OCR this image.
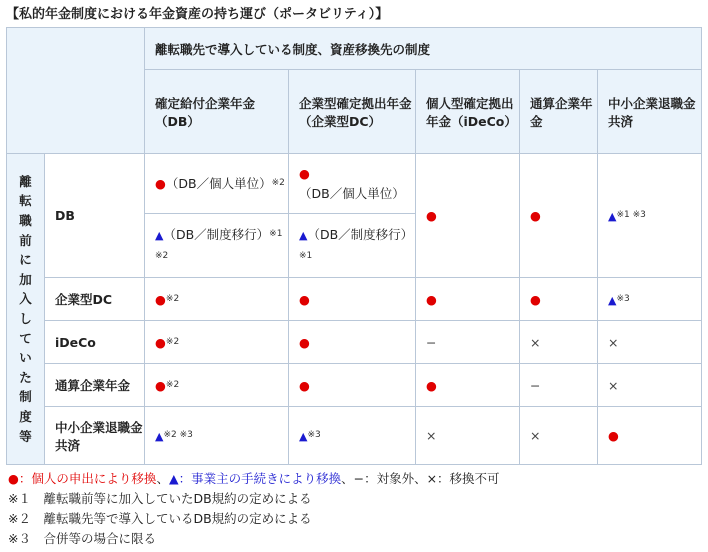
【私的年金制度における年金資産の持ち運び（ポータビリティ）】
		離転職先で導入している制度、資産移換先の制度				
		確定給付企業年金（DB）	企業型確定拠出年金（企業型DC）	個人型確定拠出年金（iDeCo）	通算企業年金	中小企業退職金共済

離転職前に加入していた制度等	DB	●（DB／個人単位）$^{※2}$	●（DB／個人単位）	●	●	▲$^{※1 ※3}$
		▲（DB／制度移行）$^{※1 ※2}$	▲（DB／制度移行）$^{※1}$
	企業型DC	●$^{※2}$	●	●	●	▲$^{※3}$
	iDeCo	●$^{※2}$	●	−	×	×
	通算企業年金	●$^{※2}$	●	●	−	×
	中小企業退職金共済	▲$^{※2 ※3}$	▲$^{※3}$	×	×	●
●：個人の申出により移換、▲：事業主の手続きにより移換、−：対象外、×：移換不可
※１　離転職前等に加入していたDB規約の定めによる
※２　離転職先等で導入しているDB規約の定めによる
※３　合併等の場合に限る
